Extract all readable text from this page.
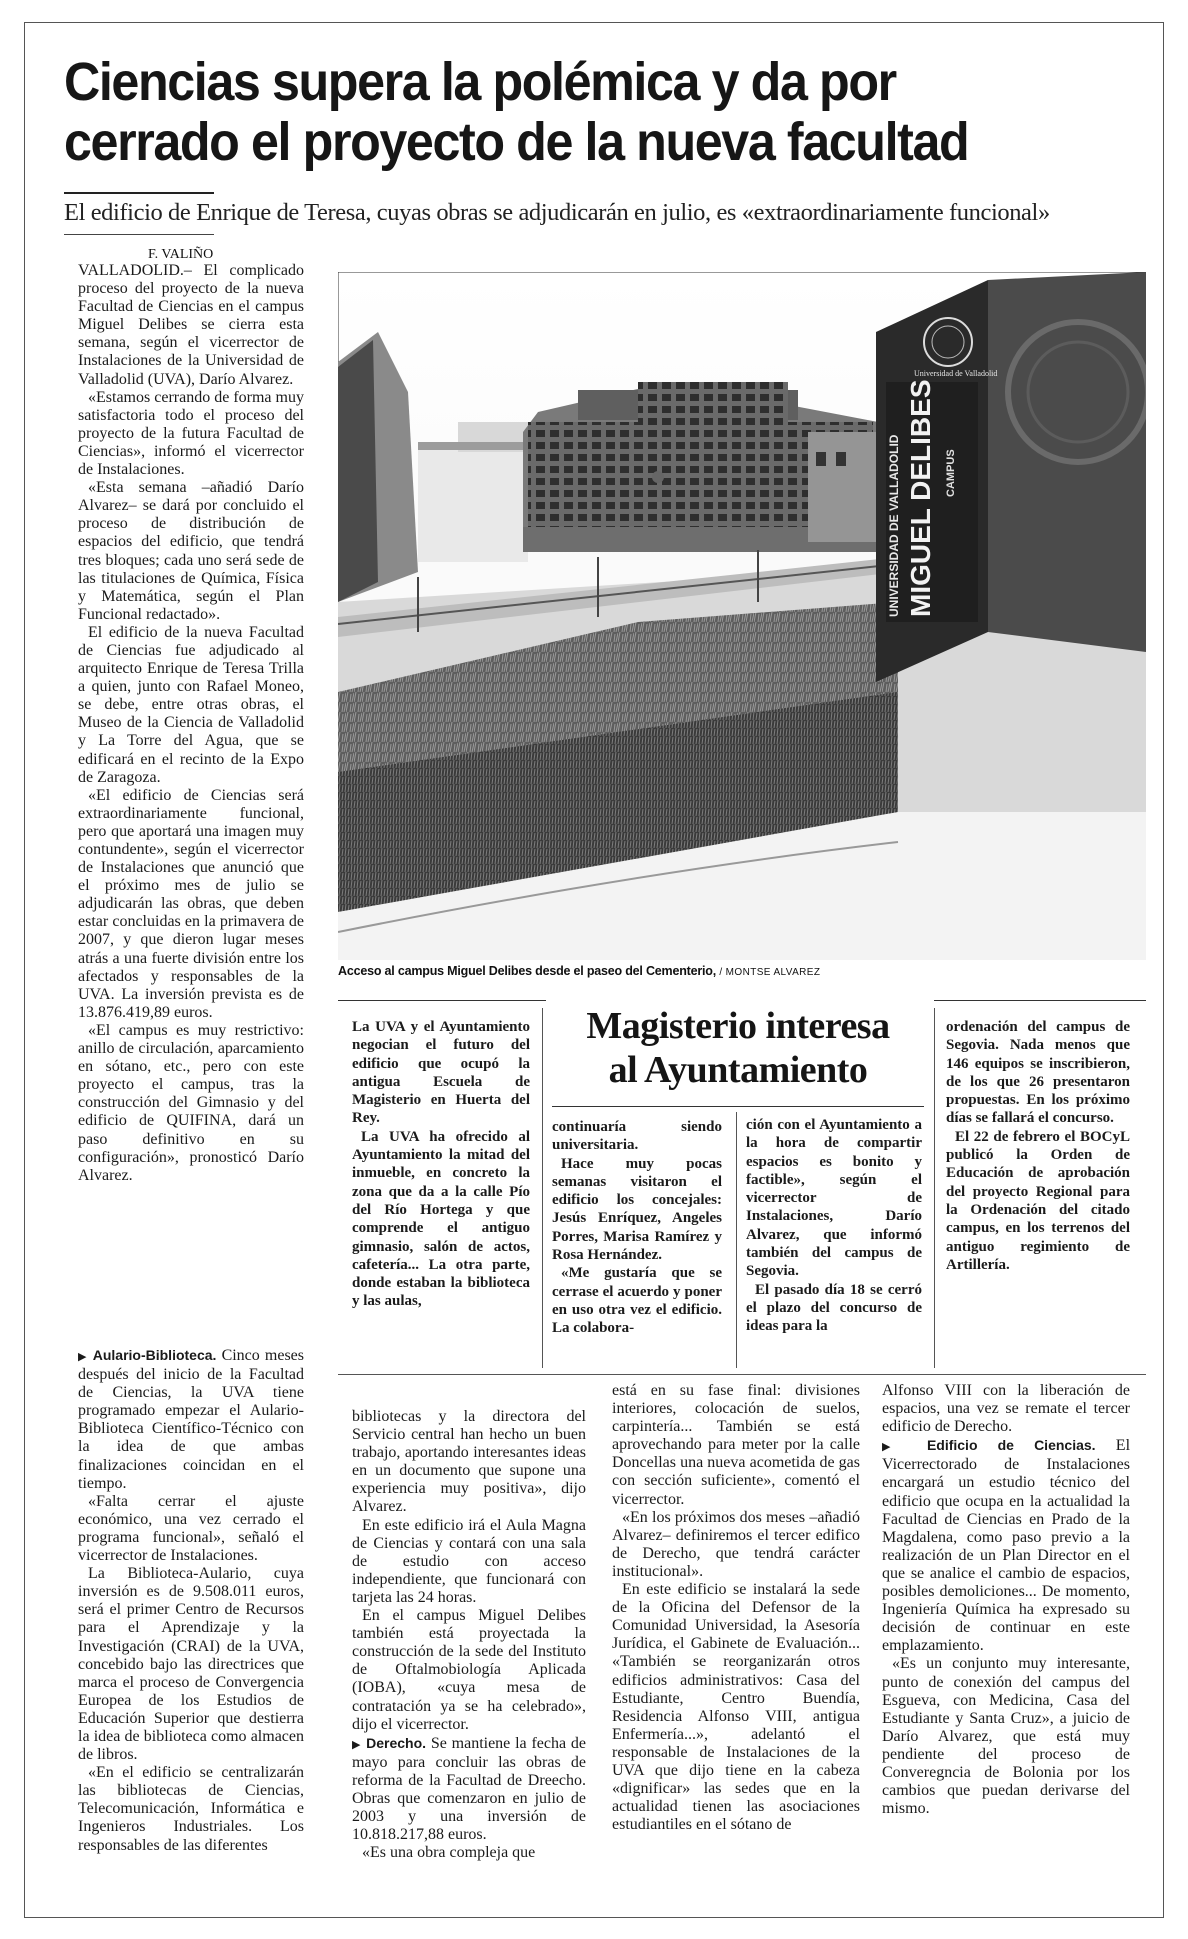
Ciencias supera la polémica y da por
cerrado el proyecto de la nueva facultad

El edificio de Enrique de Teresa, cuyas obras se adjudicarán en julio, es «extraordinariamente funcional»

F. VALIÑO

VALLADOLID.– El complicado proceso del proyecto de la nueva Facultad de Ciencias en el campus Miguel Delibes se cierra esta semana, según el vicerrector de Instalaciones de la Universidad de Valladolid (UVA), Darío Alvarez.

«Estamos cerrando de forma muy satisfactoria todo el proceso del proyecto de la futura Facultad de Ciencias», informó el vicerrector de Instalaciones.

«Esta semana –añadió Darío Alvarez– se dará por concluido el proceso de distribución de espacios del edificio, que tendrá tres bloques; cada uno será sede de las titulaciones de Química, Física y Matemática, según el Plan Funcional redactado».

El edificio de la nueva Facultad de Ciencias fue adjudicado al arquitecto Enrique de Teresa Trilla a quien, junto con Rafael Moneo, se debe, entre otras obras, el Museo de la Ciencia de Valladolid y La Torre del Agua, que se edificará en el recinto de la Expo de Zaragoza.

«El edificio de Ciencias será extraordinariamente funcional, pero que aportará una imagen muy contundente», según el vicerrector de Instalaciones que anunció que el próximo mes de julio se adjudicarán las obras, que deben estar concluidas en la primavera de 2007, y que dieron lugar meses atrás a una fuerte división entre los afectados y responsables de la UVA. La inversión prevista es de 13.876.419,89 euros.

«El campus es muy restrictivo: anillo de circulación, aparcamiento en sótano, etc., pero con este proyecto el campus, tras la construcción del Gimnasio y del edificio de QUIFINA, dará un paso definitivo en su configuración», pronosticó Darío Alvarez.

▶ Aulario-Biblioteca. Cinco meses después del inicio de la Facultad de Ciencias, la UVA tiene programado empezar el Aulario-Biblioteca Científico-Técnico con la idea de que ambas finalizaciones coincidan en el tiempo.

«Falta cerrar el ajuste económico, una vez cerrado el programa funcional», señaló el vicerrector de Instalaciones.

La Biblioteca-Aulario, cuya inversión es de 9.508.011 euros, será el primer Centro de Recursos para el Aprendizaje y la Investigación (CRAI) de la UVA, concebido bajo las directrices que marca el proceso de Convergencia Europea de los Estudios de Educación Superior que destierra la idea de biblioteca como almacen de libros.

«En el edificio se centralizarán las bibliotecas de Ciencias, Telecomunicación, Informática e Ingenieros Industriales. Los responsables de las diferentes

Universidad de Valladolid
UNIVERSIDAD DE VALLADOLID MIGUEL DELIBES CAMPUS
Acceso al campus Miguel Delibes desde el paseo del Cementerio, / MONTSE ALVAREZ
Magisterio interesa
al Ayuntamiento

La UVA y el Ayuntamiento negocian el futuro del edificio que ocupó la antigua Escuela de Magisterio en Huerta del Rey.

La UVA ha ofrecido al Ayuntamiento la mitad del inmueble, en concreto la zona que da a la calle Pío del Río Hortega y que comprende el antiguo gimnasio, salón de actos, cafetería... La otra parte, donde estaban la biblioteca y las aulas,

continuaría siendo universitaria.

Hace muy pocas semanas visitaron el edificio los concejales: Jesús Enríquez, Angeles Porres, Marisa Ramírez y Rosa Hernández.

«Me gustaría que se cerrase el acuerdo y poner en uso otra vez el edificio. La colabora-

ción con el Ayuntamiento a la hora de compartir espacios es bonito y factible», según el vicerrector de Instalaciones, Darío Alvarez, que informó también del campus de Segovia.

El pasado día 18 se cerró el plazo del concurso de ideas para la

ordenación del campus de Segovia. Nada menos que 146 equipos se inscribieron, de los que 26 presentaron propuestas. En los próximo días se fallará el concurso.

El 22 de febrero el BOCyL publicó la Orden de Educación de aprobación del proyecto Regional para la Ordenación del citado campus, en los terrenos del antiguo regimiento de Artillería.

bibliotecas y la directora del Servicio central han hecho un buen trabajo, aportando interesantes ideas en un documento que supone una experiencia muy positiva», dijo Alvarez.

En este edificio irá el Aula Magna de Ciencias y contará con una sala de estudio con acceso independiente, que funcionará con tarjeta las 24 horas.

En el campus Miguel Delibes también está proyectada la construcción de la sede del Instituto de Oftalmobiología Aplicada (IOBA), «cuya mesa de contratación ya se ha celebrado», dijo el vicerrector.

▶ Derecho. Se mantiene la fecha de mayo para concluir las obras de reforma de la Facultad de Dreecho. Obras que comenzaron en julio de 2003 y una inversión de 10.818.217,88 euros.

«Es una obra compleja que

está en su fase final: divisiones interiores, colocación de suelos, carpintería... También se está aprovechando para meter por la calle Doncellas una nueva acometida de gas con sección suficiente», comentó el vicerrector.

«En los próximos dos meses –añadió Alvarez– definiremos el tercer edifico de Derecho, que tendrá carácter institucional».

En este edificio se instalará la sede de la Oficina del Defensor de la Comunidad Universidad, la Asesoría Jurídica, el Gabinete de Evaluación... «También se reorganizarán otros edificios administrativos: Casa del Estudiante, Centro Buendía, Residencia Alfonso VIII, antigua Enfermería...», adelantó el responsable de Instalaciones de la UVA que dijo tiene en la cabeza «dignificar» las sedes que en la actualidad tienen las asociaciones estudiantiles en el sótano de

Alfonso VIII con la liberación de espacios, una vez se remate el tercer edificio de Derecho.

▶ Edificio de Ciencias. El Vicerrectorado de Instalaciones encargará un estudio técnico del edificio que ocupa en la actualidad la Facultad de Ciencias en Prado de la Magdalena, como paso previo a la realización de un Plan Director en el que se analice el cambio de espacios, posibles demoliciones... De momento, Ingeniería Química ha expresado su decisión de continuar en este emplazamiento.

«Es un conjunto muy interesante, punto de conexión del campus del Esgueva, con Medicina, Casa del Estudiante y Santa Cruz», a juicio de Darío Alvarez, que está muy pendiente del proceso de Converegncia de Bolonia por los cambios que puedan derivarse del mismo.
